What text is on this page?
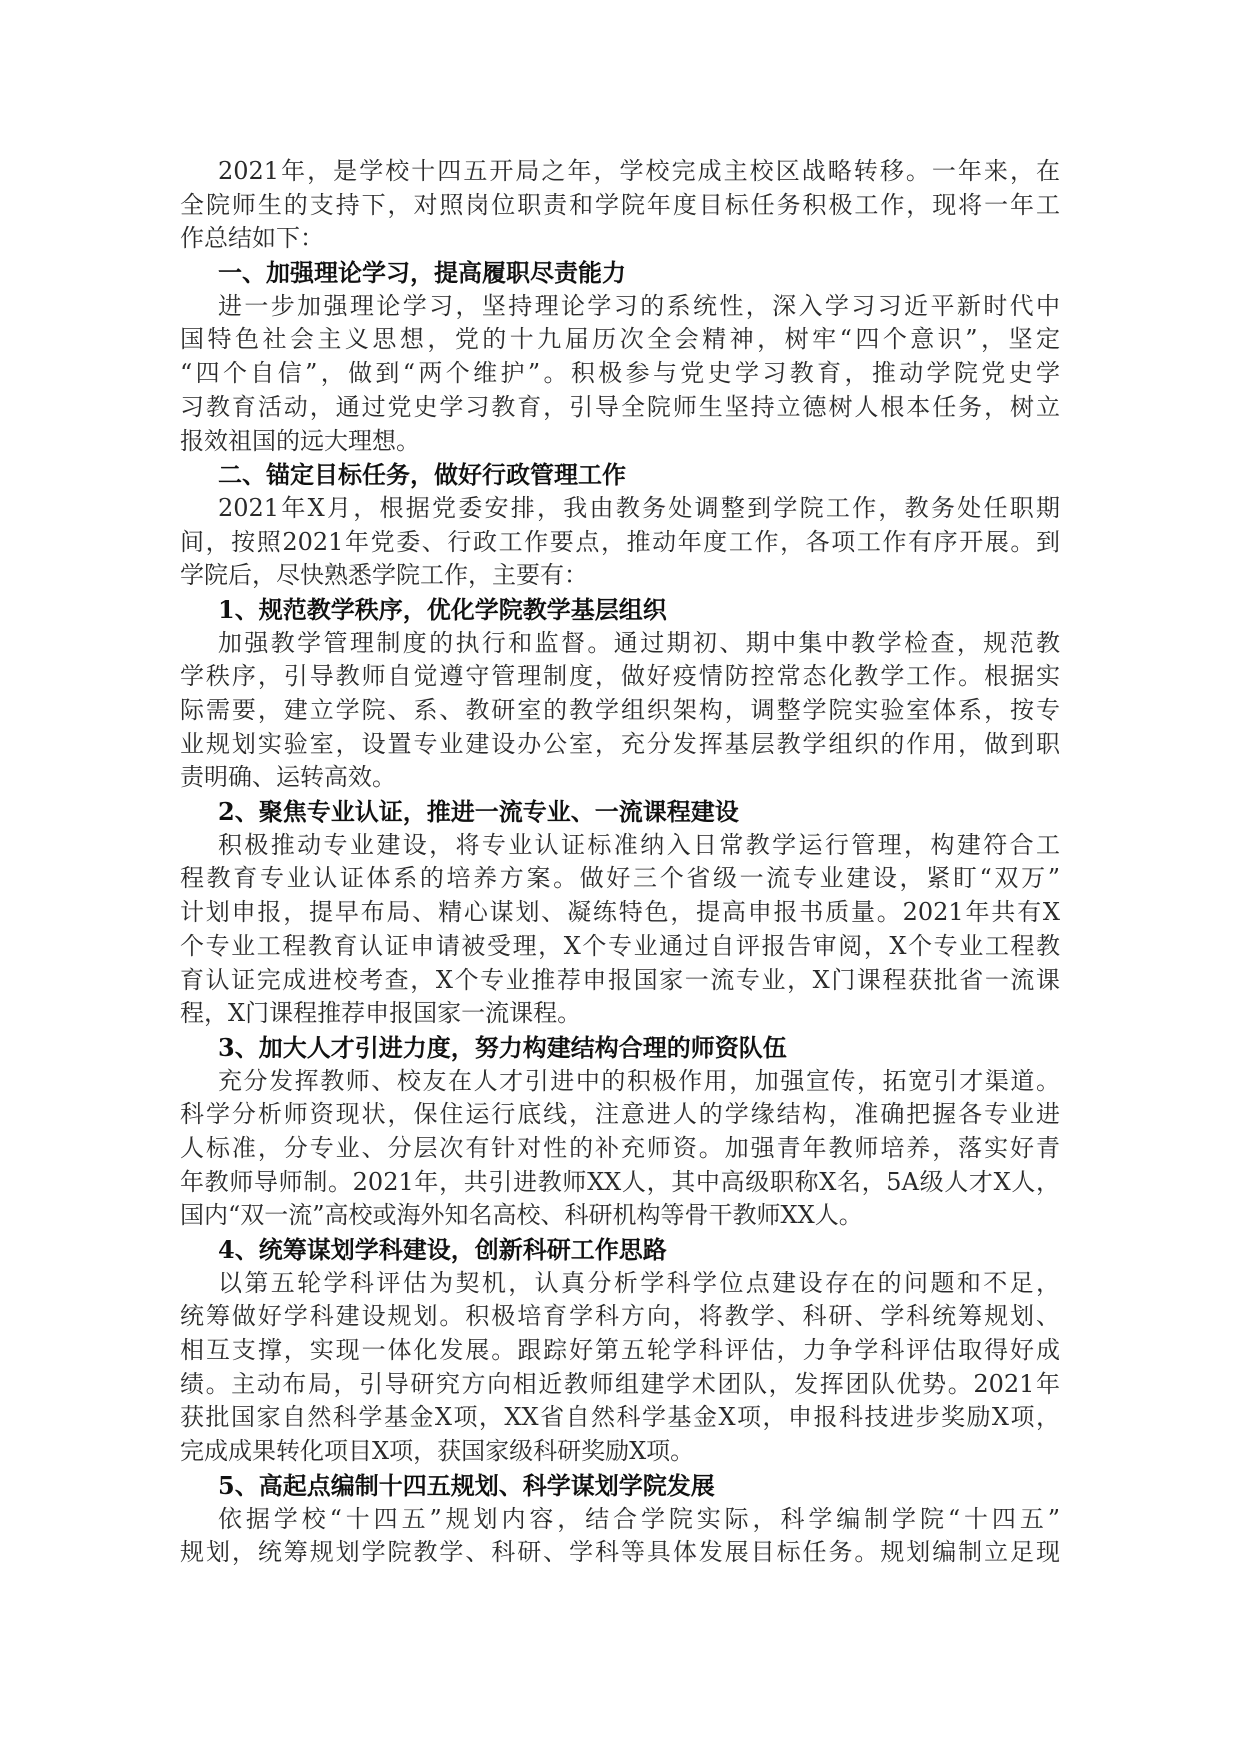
2021年，是学校十四五开局之年，学校完成主校区战略转移。一年来，在
全院师生的支持下，对照岗位职责和学院年度目标任务积极工作，现将一年工
作总结如下：
一、加强理论学习，提高履职尽责能力
进一步加强理论学习，坚持理论学习的系统性，深入学习习近平新时代中
国特色社会主义思想，党的十九届历次全会精神，树牢“四个意识”，坚定
“四个自信”，做到“两个维护”。积极参与党史学习教育，推动学院党史学
习教育活动，通过党史学习教育，引导全院师生坚持立德树人根本任务，树立
报效祖国的远大理想。
二、锚定目标任务，做好行政管理工作
2021年X月，根据党委安排，我由教务处调整到学院工作，教务处任职期
间，按照2021年党委、行政工作要点，推动年度工作，各项工作有序开展。到
学院后，尽快熟悉学院工作，主要有：
1、规范教学秩序，优化学院教学基层组织
加强教学管理制度的执行和监督。通过期初、期中集中教学检查，规范教
学秩序，引导教师自觉遵守管理制度，做好疫情防控常态化教学工作。根据实
际需要，建立学院、系、教研室的教学组织架构，调整学院实验室体系，按专
业规划实验室，设置专业建设办公室，充分发挥基层教学组织的作用，做到职
责明确、运转高效。
2、聚焦专业认证，推进一流专业、一流课程建设
积极推动专业建设，将专业认证标准纳入日常教学运行管理，构建符合工
程教育专业认证体系的培养方案。做好三个省级一流专业建设，紧盯“双万”
计划申报，提早布局、精心谋划、凝练特色，提高申报书质量。2021年共有X
个专业工程教育认证申请被受理，X个专业通过自评报告审阅，X个专业工程教
育认证完成进校考查，X个专业推荐申报国家一流专业，X门课程获批省一流课
程，X门课程推荐申报国家一流课程。
3、加大人才引进力度，努力构建结构合理的师资队伍
充分发挥教师、校友在人才引进中的积极作用，加强宣传，拓宽引才渠道。
科学分析师资现状，保住运行底线，注意进人的学缘结构，准确把握各专业进
人标准，分专业、分层次有针对性的补充师资。加强青年教师培养，落实好青
年教师导师制。2021年，共引进教师XX人，其中高级职称X名，5A级人才X人，
国内“双一流”高校或海外知名高校、科研机构等骨干教师XX人。
4、统筹谋划学科建设，创新科研工作思路
以第五轮学科评估为契机，认真分析学科学位点建设存在的问题和不足，
统筹做好学科建设规划。积极培育学科方向，将教学、科研、学科统筹规划、
相互支撑，实现一体化发展。跟踪好第五轮学科评估，力争学科评估取得好成
绩。主动布局，引导研究方向相近教师组建学术团队，发挥团队优势。2021年
获批国家自然科学基金X项，XX省自然科学基金X项，申报科技进步奖励X项，
完成成果转化项目X项，获国家级科研奖励X项。
5、高起点编制十四五规划、科学谋划学院发展
依据学校“十四五”规划内容，结合学院实际，科学编制学院“十四五”
规划，统筹规划学院教学、科研、学科等具体发展目标任务。规划编制立足现
